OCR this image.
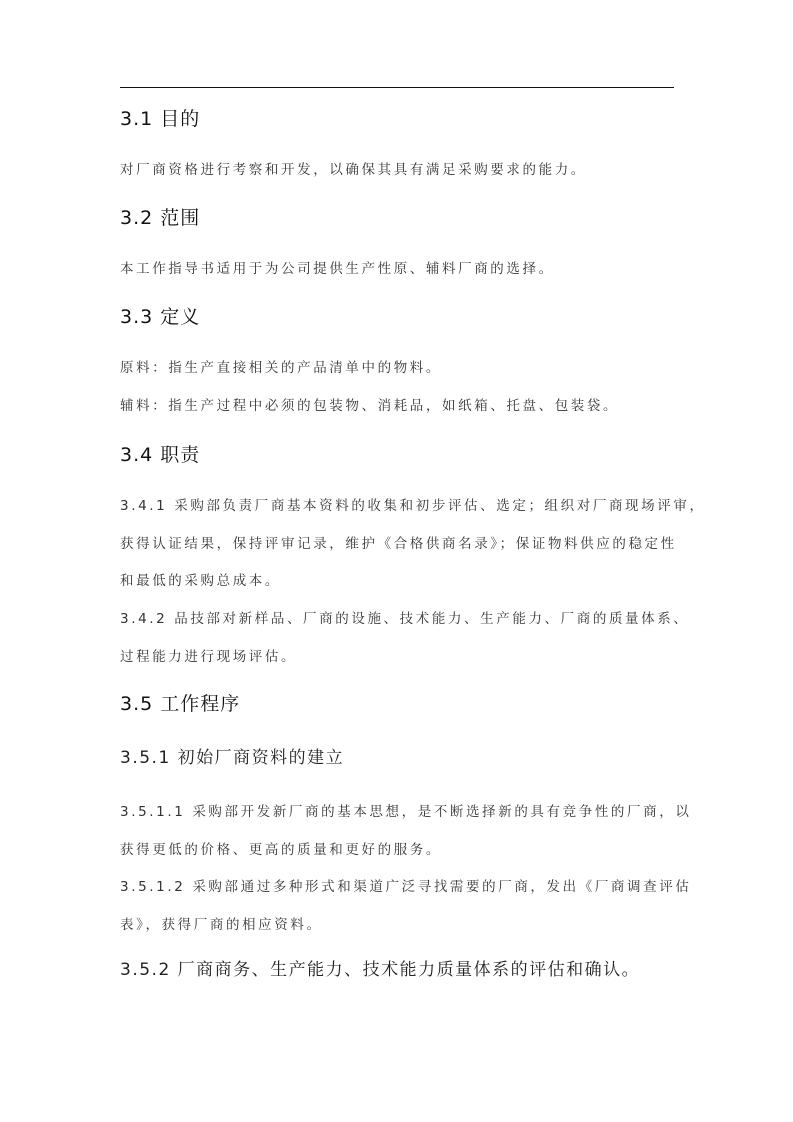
3.1 目的
对厂商资格进行考察和开发，以确保其具有满足采购要求的能力。
3.2 范围
本工作指导书适用于为公司提供生产性原、辅料厂商的选择。
3.3 定义
原料：指生产直接相关的产品清单中的物料。
辅料：指生产过程中必须的包装物、消耗品，如纸箱、托盘、包装袋。
3.4 职责
3.4.1 采购部负责厂商基本资料的收集和初步评估、选定；组织对厂商现场评审，
获得认证结果，保持评审记录，维护《合格供商名录》；保证物料供应的稳定性
和最低的采购总成本。
3.4.2 品技部对新样品、厂商的设施、技术能力、生产能力、厂商的质量体系、
过程能力进行现场评估。
3.5 工作程序
3.5.1 初始厂商资料的建立
3.5.1.1 采购部开发新厂商的基本思想，是不断选择新的具有竞争性的厂商，以
获得更低的价格、更高的质量和更好的服务。
3.5.1.2 采购部通过多种形式和渠道广泛寻找需要的厂商，发出《厂商调查评估
表》，获得厂商的相应资料。
3.5.2 厂商商务、生产能力、技术能力质量体系的评估和确认。
